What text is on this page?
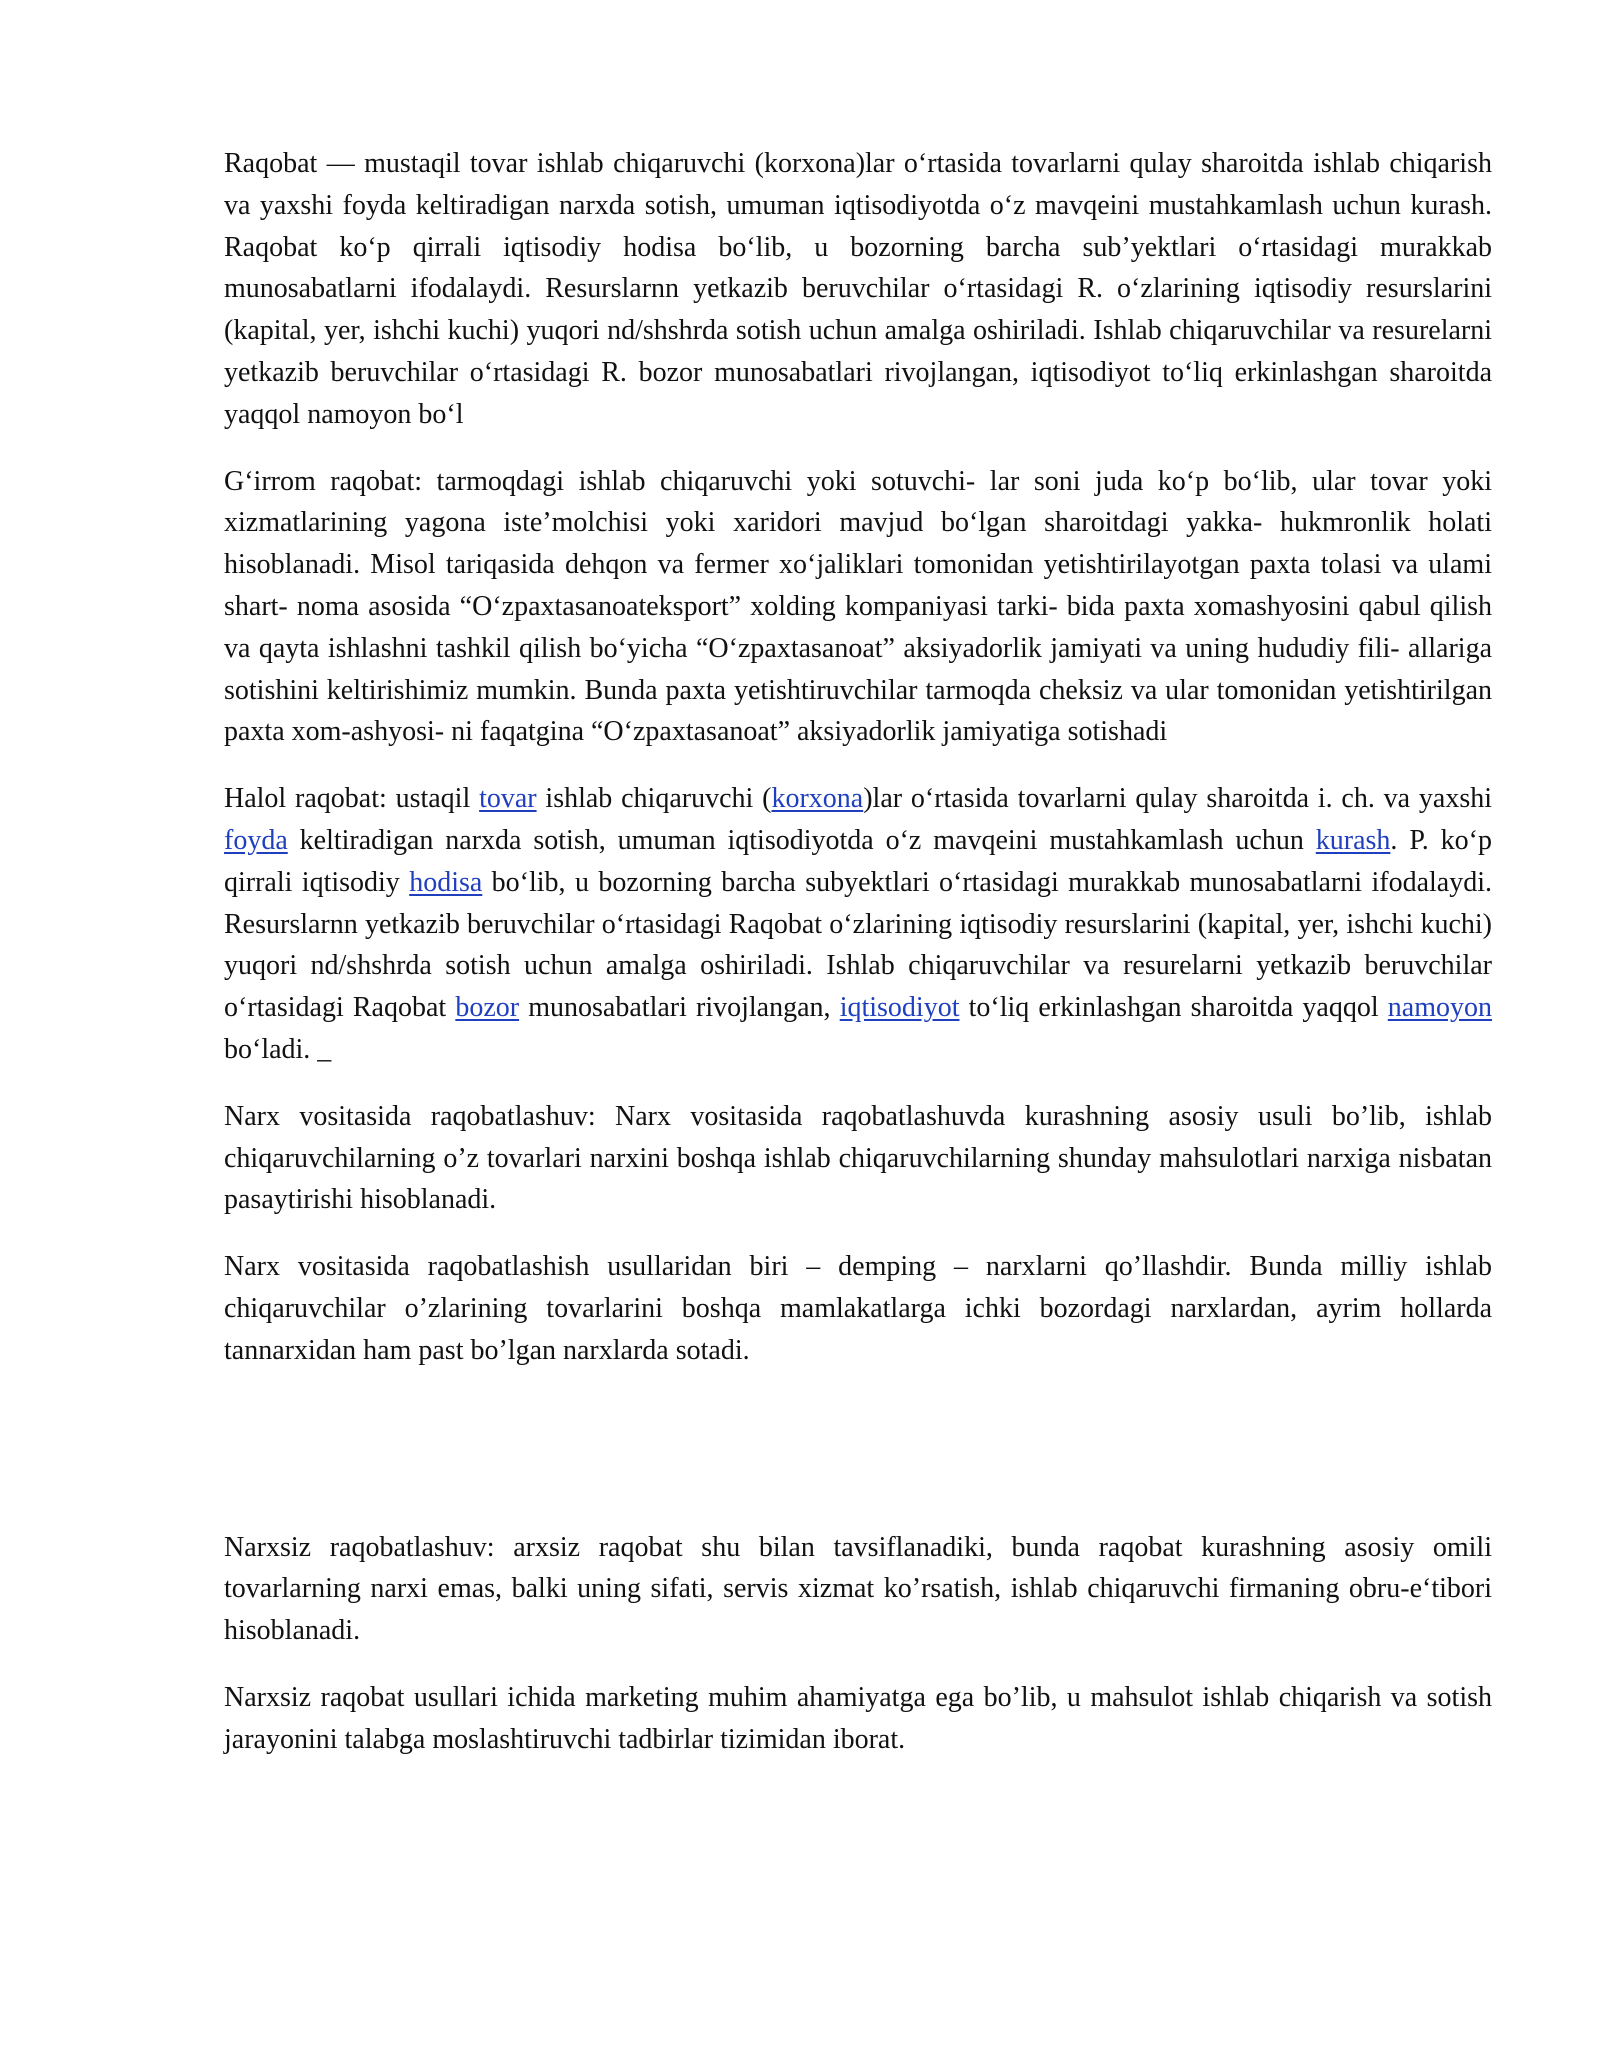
Raqobat — mustaqil tovar ishlab chiqaruvchi (korxona)lar o‘rtasida tovarlarni qulay sharoitda ishlab chiqarish va yaxshi foyda keltiradigan narxda sotish, umuman iqtisodiyotda o‘z mavqeini mustahkamlash uchun kurash. Raqobat ko‘p qirrali iqtisodiy hodisa bo‘lib, u bozorning barcha sub’yektlari o‘rtasidagi murakkab munosabatlarni ifodalaydi. Resurslarnn yetkazib beruvchilar o‘rtasidagi R. o‘zlarining iqtisodiy resurslarini (kapital, yer, ishchi kuchi) yuqori nd/shshrda sotish uchun amalga oshiriladi. Ishlab chiqaruvchilar va resurelarni yetkazib beruvchilar o‘rtasidagi R. bozor munosabatlari rivojlangan, iqtisodiyot to‘liq erkinlashgan sharoitda yaqqol namoyon bo‘l

G‘irrom raqobat: tarmoqdagi ishlab chiqaruvchi yoki sotuvchi- lar soni juda ko‘p bo‘lib, ular tovar yoki xizmatlarining yagona iste’molchisi yoki xaridori mavjud bo‘lgan sharoitdagi yakka- hukmronlik holati hisoblanadi. Misol tariqasida dehqon va fermer xo‘jaliklari tomonidan yetishtirilayotgan paxta tolasi va ulami shart- noma asosida “O‘zpaxtasanoateksport” xolding kompaniyasi tarki- bida paxta xomashyosini qabul qilish va qayta ishlashni tashkil qilish bo‘yicha “O‘zpaxtasanoat” aksiyadorlik jamiyati va uning hududiy fili- allariga sotishini keltirishimiz mumkin. Bunda paxta yetishtiruvchilar tarmoqda cheksiz va ular tomonidan yetishtirilgan paxta xom-ashyosi- ni faqatgina “O‘zpaxtasanoat” aksiyadorlik jamiyatiga sotishadi

Halol raqobat: ustaqil tovar ishlab chiqaruvchi (korxona)lar o‘rtasida tovarlarni qulay sharoitda i. ch. va yaxshi foyda keltiradigan narxda sotish, umuman iqtisodiyotda o‘z mavqeini mustahkamlash uchun kurash. P. ko‘p qirrali iqtisodiy hodisa bo‘lib, u bozorning barcha subyektlari o‘rtasidagi murakkab munosabatlarni ifodalaydi. Resurslarnn yetkazib beruvchilar o‘rtasidagi Raqobat o‘zlarining iqtisodiy resurslarini (kapital, yer, ishchi kuchi) yuqori nd/shshrda sotish uchun amalga oshiriladi. Ishlab chiqaruvchilar va resurelarni yetkazib beruvchilar o‘rtasidagi Raqobat bozor munosabatlari rivojlangan, iqtisodiyot to‘liq erkinlashgan sharoitda yaqqol namoyon bo‘ladi. _

Narx vositasida raqobatlashuv: Narx vositasida raqobatlashuvda kurashning asosiy usuli bo’lib, ishlab chiqaruvchilarning o’z tovarlari narxini boshqa ishlab chiqaruvchilarning shunday mahsulotlari narxiga nisbatan pasaytirishi hisoblanadi.

Narx vositasida raqobatlashish usullaridan biri – demping – narxlarni qo’llashdir. Bunda milliy ishlab chiqaruvchilar o’zlarining tovarlarini boshqa mamlakatlarga ichki bozordagi narxlardan, ayrim hollarda tannarxidan ham past bo’lgan narxlarda sotadi.

Narxsiz raqobatlashuv: arxsiz raqobat shu bilan tavsiflanadiki, bunda raqobat kurashning asosiy omili tovarlarning narxi emas, balki uning sifati, servis xizmat ko’rsatish, ishlab chiqaruvchi firmaning obru-e‘tibori hisoblanadi.

Narxsiz raqobat usullari ichida marketing muhim ahamiyatga ega bo’lib, u mahsulot ishlab chiqarish va sotish jarayonini talabga moslashtiruvchi tadbirlar tizimidan iborat.
